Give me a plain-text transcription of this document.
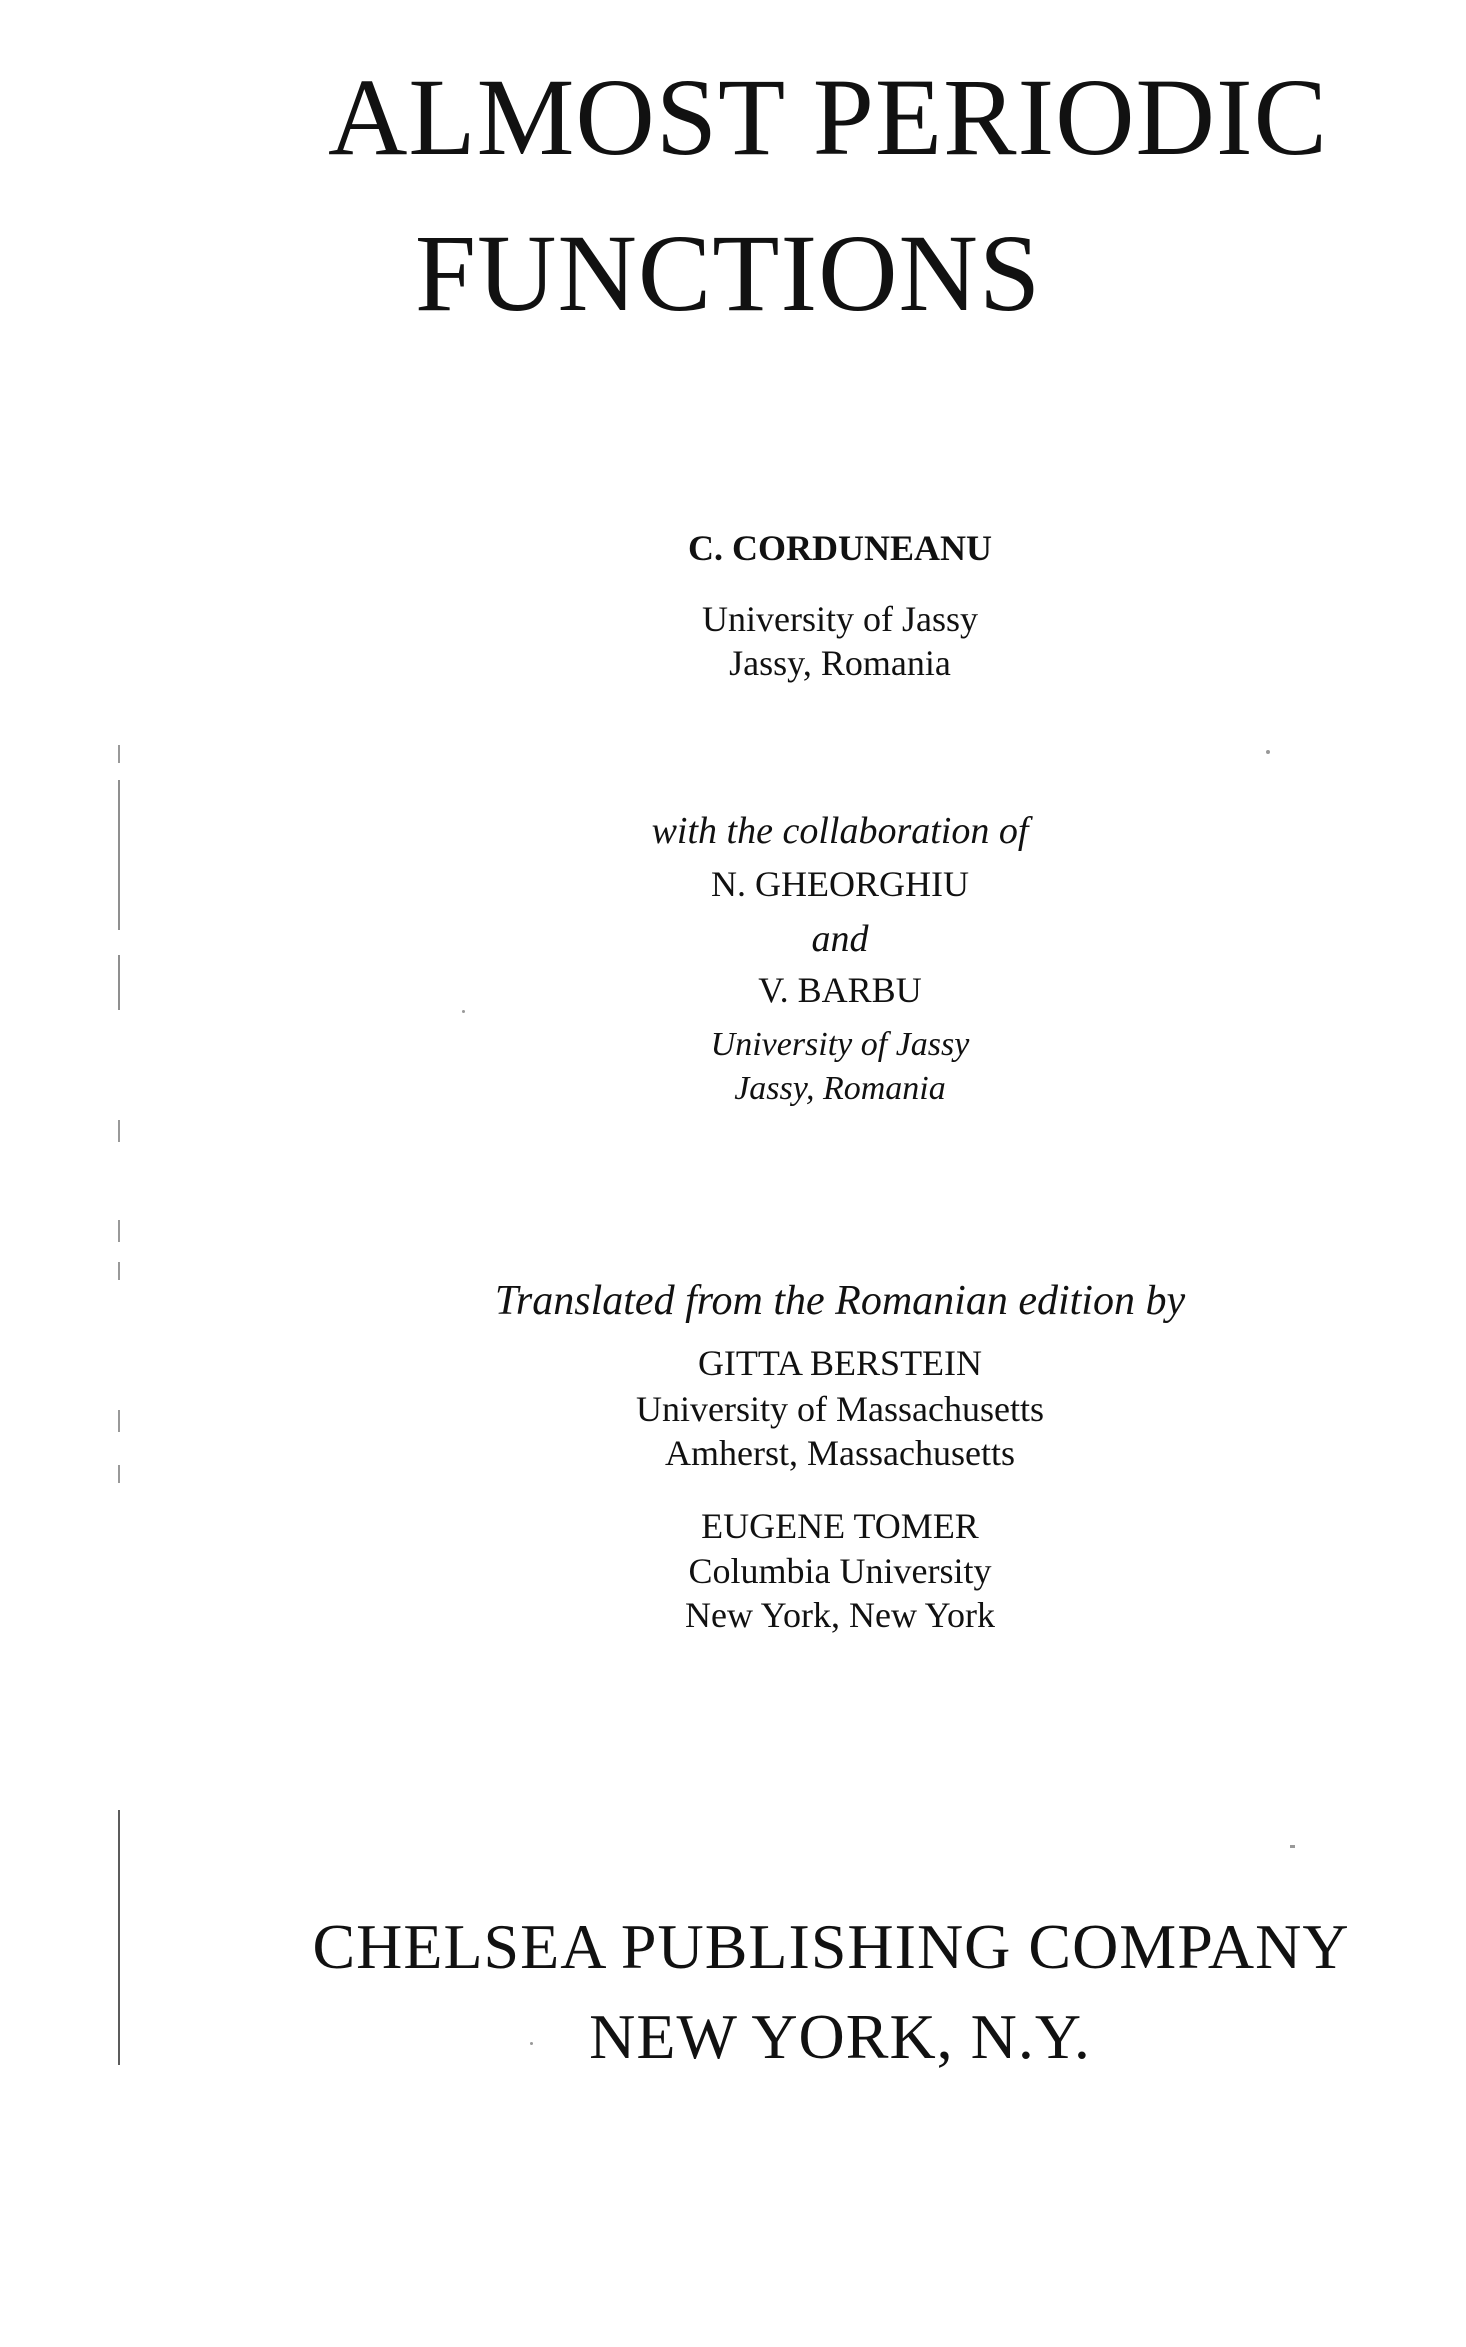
ALMOST PERIODIC
FUNCTIONS
C. CORDUNEANU
University of Jassy
Jassy, Romania
with the collaboration of
N. GHEORGHIU
and
V. BARBU
University of Jassy
Jassy, Romania
Translated from the Romanian edition by
GITTA BERSTEIN
University of Massachusetts
Amherst, Massachusetts
EUGENE TOMER
Columbia University
New York, New York
CHELSEA PUBLISHING COMPANY
NEW YORK, N.Y.
